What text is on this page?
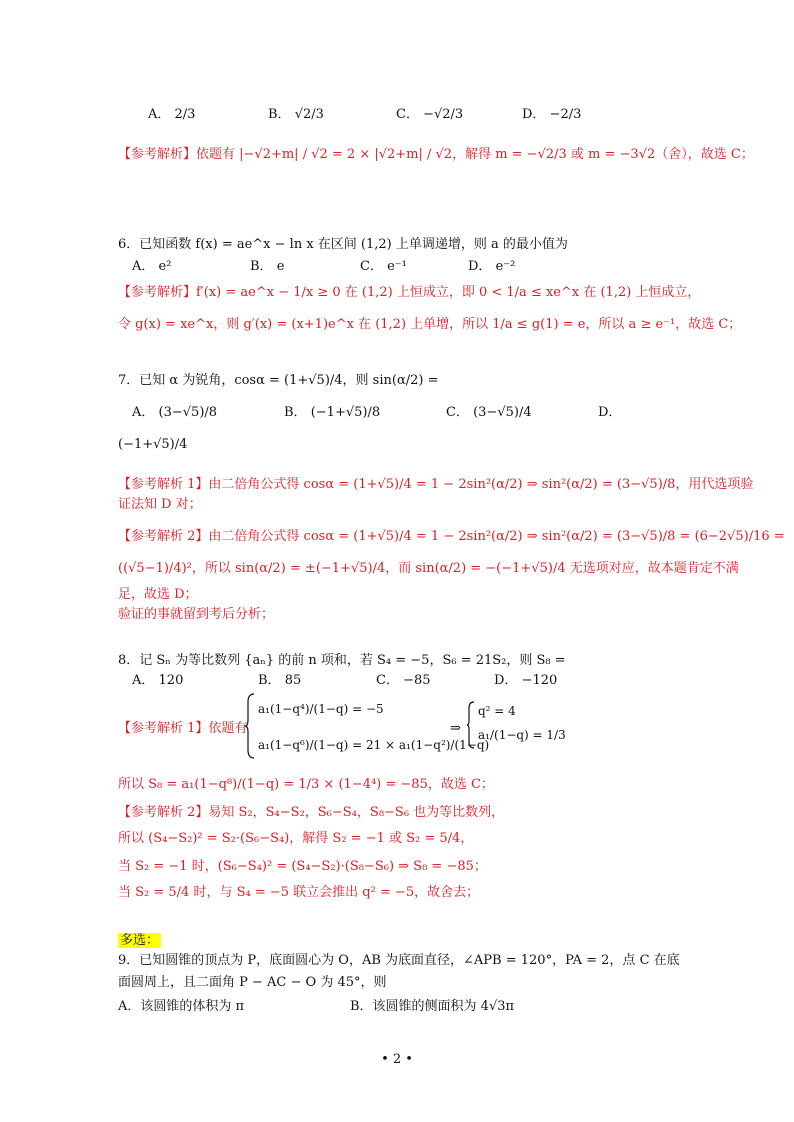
A． 2/3	B． √2/3	C． −√2/3	D． −2/3
【参考解析】依题有 |−√2+m| / √2 = 2 × |√2+m| / √2，解得 m = −√2/3 或 m = −3√2（舍），故选 C；
6．已知函数 f(x) = ae^x − ln x 在区间 (1,2) 上单调递增，则 a 的最小值为
A． e²	B． e	C． e⁻¹	D． e⁻²
【参考解析】f′(x) = ae^x − 1/x ≥ 0 在 (1,2) 上恒成立，即 0 < 1/a ≤ xe^x 在 (1,2) 上恒成立，
令 g(x) = xe^x，则 g′(x) = (x+1)e^x 在 (1,2) 上单增，所以 1/a ≤ g(1) = e，所以 a ≥ e⁻¹，故选 C；
7．已知 α 为锐角，cosα = (1+√5)/4，则 sin(α/2) =
A． (3−√5)/8	B． (−1+√5)/8	C． (3−√5)/4	D．
(−1+√5)/4
【参考解析 1】由二倍角公式得 cosα = (1+√5)/4 = 1 − 2sin²(α/2) ⇒ sin²(α/2) = (3−√5)/8，用代选项验
证法知 D 对；
【参考解析 2】由二倍角公式得 cosα = (1+√5)/4 = 1 − 2sin²(α/2) ⇒ sin²(α/2) = (3−√5)/8 = (6−2√5)/16 =
((√5−1)/4)²，所以 sin(α/2) = ±(−1+√5)/4，而 sin(α/2) = −(−1+√5)/4 无选项对应，故本题肯定不满
足，故选 D；
验证的事就留到考后分析；
8．记 Sₙ 为等比数列 {aₙ} 的前 n 项和，若 S₄ = −5，S₆ = 21S₂，则 S₈ =
A． 120	B． 85	C． −85	D． −120
【参考解析 1】依题有
a₁(1−q⁴)/(1−q) = −5
a₁(1−q⁶)/(1−q) = 21 × a₁(1−q²)/(1−q)
⇒
q² = 4
a₁/(1−q) = 1/3
所以 S₈ = a₁(1−q⁸)/(1−q) = 1/3 × (1−4⁴) = −85，故选 C；
【参考解析 2】易知 S₂，S₄−S₂，S₆−S₄，S₈−S₆ 也为等比数列，
所以 (S₄−S₂)² = S₂·(S₆−S₄)，解得 S₂ = −1 或 S₂ = 5/4，
当 S₂ = −1 时，(S₆−S₄)² = (S₄−S₂)·(S₈−S₆) ⇒ S₈ = −85；
当 S₂ = 5/4 时，与 S₄ = −5 联立会推出 q² = −5，故舍去；
多选：
9．已知圆锥的顶点为 P，底面圆心为 O，AB 为底面直径，∠APB = 120°，PA = 2，点 C 在底
面圆周上，且二面角 P − AC − O 为 45°，则
A．该圆锥的体积为 π	B．该圆锥的侧面积为 4√3π
• 2 •
